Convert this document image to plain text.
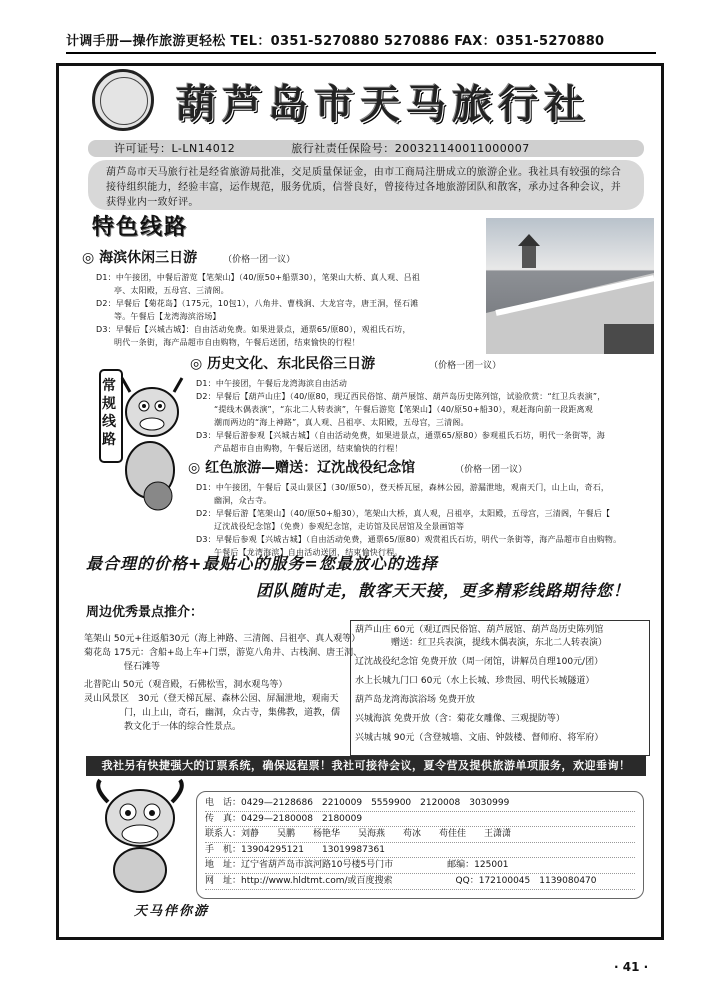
计调手册—操作旅游更轻松 TEL：0351-5270880 5270886 FAX：0351-5270880
葫芦岛市天马旅行社
许可证号：L-LN14012	旅行社责任保险号：200321140011000007
葫芦岛市天马旅行社是经省旅游局批准，交足质量保证金，由市工商局注册成立的旅游企业。我社具有较强的综合接待组织能力，经验丰富，运作规范，服务优质，信誉良好，曾接待过各地旅游团队和散客，承办过各种会议，并获得业内一致好评。
特色线路
◎ 海滨休闲三日游	（价格一团一议）

D1：中午接团，中餐后游览【笔架山】（40/原50+船票30），笔架山大桥、真人观、吕祖

亭、太阳殿，五母宫、三清阁。

D2：早餐后【菊花岛】（175元，10包1），八角井、曹栈涧、大龙宫寺，唐王洞，怪石滩

等。午餐后【龙湾海滨浴场】

D3：早餐后【兴城古城】：自由活动免费。如果进景点，通票65/原80），观祖氏石坊，

明代一条街，海产品超市自由购物，午餐后送团，结束愉快的行程！

常规线路
◎ 历史文化、东北民俗三日游	（价格一团一议）

D1：中午接团，午餐后龙湾海滨自由活动

D2：早餐后【葫芦山庄】（40/原80，现辽西民俗馆、葫芦展馆、葫芦岛历史陈列馆，试验欣赏：“红卫兵表演”，

“提线木偶表演”，“东北二人转表演”，午餐后游览【笔架山】（40/原50+船30），观赶海向前一段距离观

潮而两边的“海上神路”，真人观、吕祖亭、太阳殿，五母宫，三清阁。

D3：早餐后游参观【兴城古城】（自由活动免费，如果进景点，通票65/原80）参观祖氏石坊，明代一条街等，海

产品超市自由购物，午餐后送团，结束愉快的行程！

◎ 红色旅游—赠送：辽沈战役纪念馆	（价格一团一议）

D1：中午接团，午餐后【灵山景区】（30/原50），登天桥瓦屋，森林公园，游漏泄地，观南天门，山上山，奇石，

幽洞，众古寺。

D2：早餐后游【笔架山】（40/原50+船30），笔架山大桥，真人观，吕祖亭，太阳殿，五母宫，三清阁，午餐后【

辽沈战役纪念馆】（免费）参观纪念馆，走访馆及民居馆及全景画馆等

D3：早餐后参观【兴城古城】（自由活动免费，通票65/原80）观赏祖氏石坊，明代一条街等，海产品超市自由购物。

午餐后【龙湾海滨】自由活动送团，结束愉快行程。

最合理的价格+最贴心的服务=您最放心的选择
团队随时走，散客天天接，更多精彩线路期待您！
周边优秀景点推介：

笔架山 50元+往返船30元（海上神路、三清阁、吕祖亭、真人观等）

菊花岛 175元：含船+岛上车+门票，游览八角井、古栈涧、唐王洞、

怪石滩等

北普陀山 50元（观音殿，石佛松雪，洞水观鸟等）

灵山风景区　30元（登天梯瓦屋、森林公园、屏漏泄地，观南天

门，山上山，奇石，幽洞，众古寺，集佛教，道教，儒

教文化于一体的综合性景点。

葫芦山庄 60元（观辽西民俗馆、葫芦展馆、葫芦岛历史陈列馆

赠送：红卫兵表演，提线木偶表演，东北二人转表演）

辽沈战役纪念馆 免费开放（周一闭馆，讲解员自理100元/团）

水上长城九门口 60元（水上长城、珍贵园、明代长城隧道）

葫芦岛龙湾海滨浴场 免费开放

兴城海滨 免费开放（含：菊花女雕像、三观提防等）

兴城古城 90元（含登城墙、文庙、钟鼓楼、督师府、将军府）

我社另有快捷强大的订票系统，确保返程票！我社可接待会议，夏令营及提供旅游单项服务，欢迎垂询！

电　话：0429—2128686　2210009　5559900　2120008　3030999

传　真：0429—2180008　2180009

联系人：刘静　　吴鹏　　杨艳华　　吴海燕　　苟冰　　苟佳佳　　王潇潇

手　机：13904295121　　13019987361

地　址：辽宁省葫芦岛市滨河路10号楼5号门市　　　　　　邮编：125001

网　址：http://www.hldtmt.com/或百度搜索　　　　　　　QQ：172100045　1139080470

天马伴你游
· 41 ·
